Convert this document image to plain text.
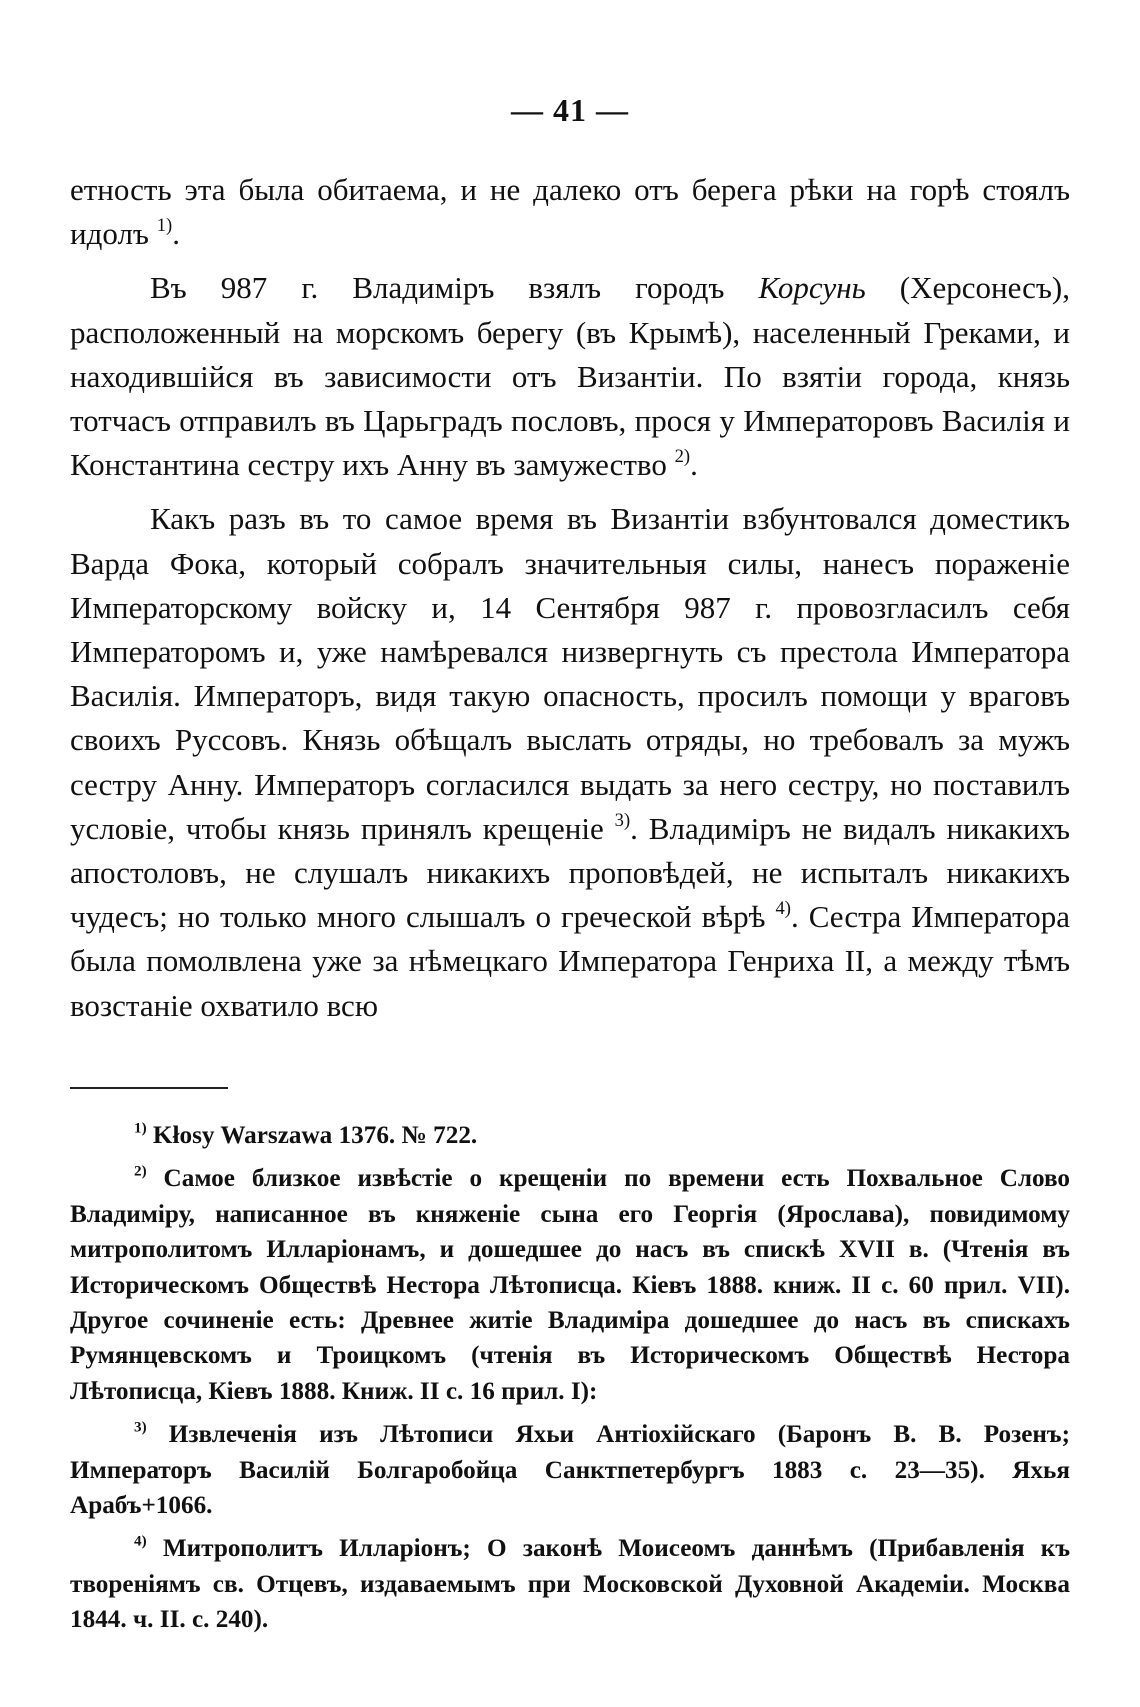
— 41 —

етность эта была обитаема, и не далеко отъ берега рѣки на горѣ стоялъ идолъ $^{1)}$.

Въ 987 г. Владиміръ взялъ городъ Корсунь (Херсонесъ), расположенный на морскомъ берегу (въ Крымѣ), населенный Греками, и находившійся въ зависимости отъ Византіи. По взятіи города, князь тотчасъ отправилъ въ Царьградъ пословъ, прося у Императоровъ Василія и Константина сестру ихъ Анну въ замужество $^{2)}$.

Какъ разъ въ то самое время въ Византіи взбунтовался доместикъ Варда Фока, который собралъ значительныя силы, нанесъ пораженіе Императорскому войску и, 14 Сентября 987 г. провозгласилъ себя Императоромъ и, уже намѣревался низвергнуть съ престола Императора Василія. Императоръ, видя такую опасность, просилъ помощи у враговъ своихъ Руссовъ. Князь обѣщалъ выслать отряды, но требовалъ за мужъ сестру Анну. Императоръ согласился выдать за него сестру, но поставилъ условіе, чтобы князь принялъ крещеніе $^{3)}$. Владиміръ не видалъ никакихъ апостоловъ, не слушалъ никакихъ проповѣдей, не испыталъ никакихъ чудесъ; но только много слышалъ о греческой вѣрѣ $^{4)}$. Сестра Императора была помолвлена уже за нѣмецкаго Императора Генриха II, а между тѣмъ возстаніе охватило всю

$^{1)}$ Kłosy Warszawa 1376. № 722.

$^{2)}$ Самое близкое извѣстіе о крещеніи по времени есть Похвальное Слово Владиміру, написанное въ княженіе сына его Георгія (Ярослава), повидимому митрополитомъ Илларіонамъ, и дошедшее до насъ въ спискѣ XVII в. (Чтенія въ Историческомъ Обществѣ Нестора Лѣтописца. Кіевъ 1888. книж. II с. 60 прил. VII). Другое сочиненіе есть: Древнее житіе Владиміра дошедшее до насъ въ спискахъ Румянцевскомъ и Троицкомъ (чтенія въ Историческомъ Обществѣ Нестора Лѣтописца, Кіевъ 1888. Книж. II с. 16 прил. I):

$^{3)}$ Извлеченія изъ Лѣтописи Яхьи Антіохійскаго (Баронъ В. В. Розенъ; Императоръ Василій Болгаробойца Санктпетербургъ 1883 с. 23—35). Яхья Арабъ+1066.

$^{4)}$ Митрополитъ Илларіонъ; О законѣ Моисеомъ даннѣмъ (Прибавленія къ твореніямъ св. Отцевъ, издаваемымъ при Московской Духовной Академіи. Москва 1844. ч. II. с. 240).
